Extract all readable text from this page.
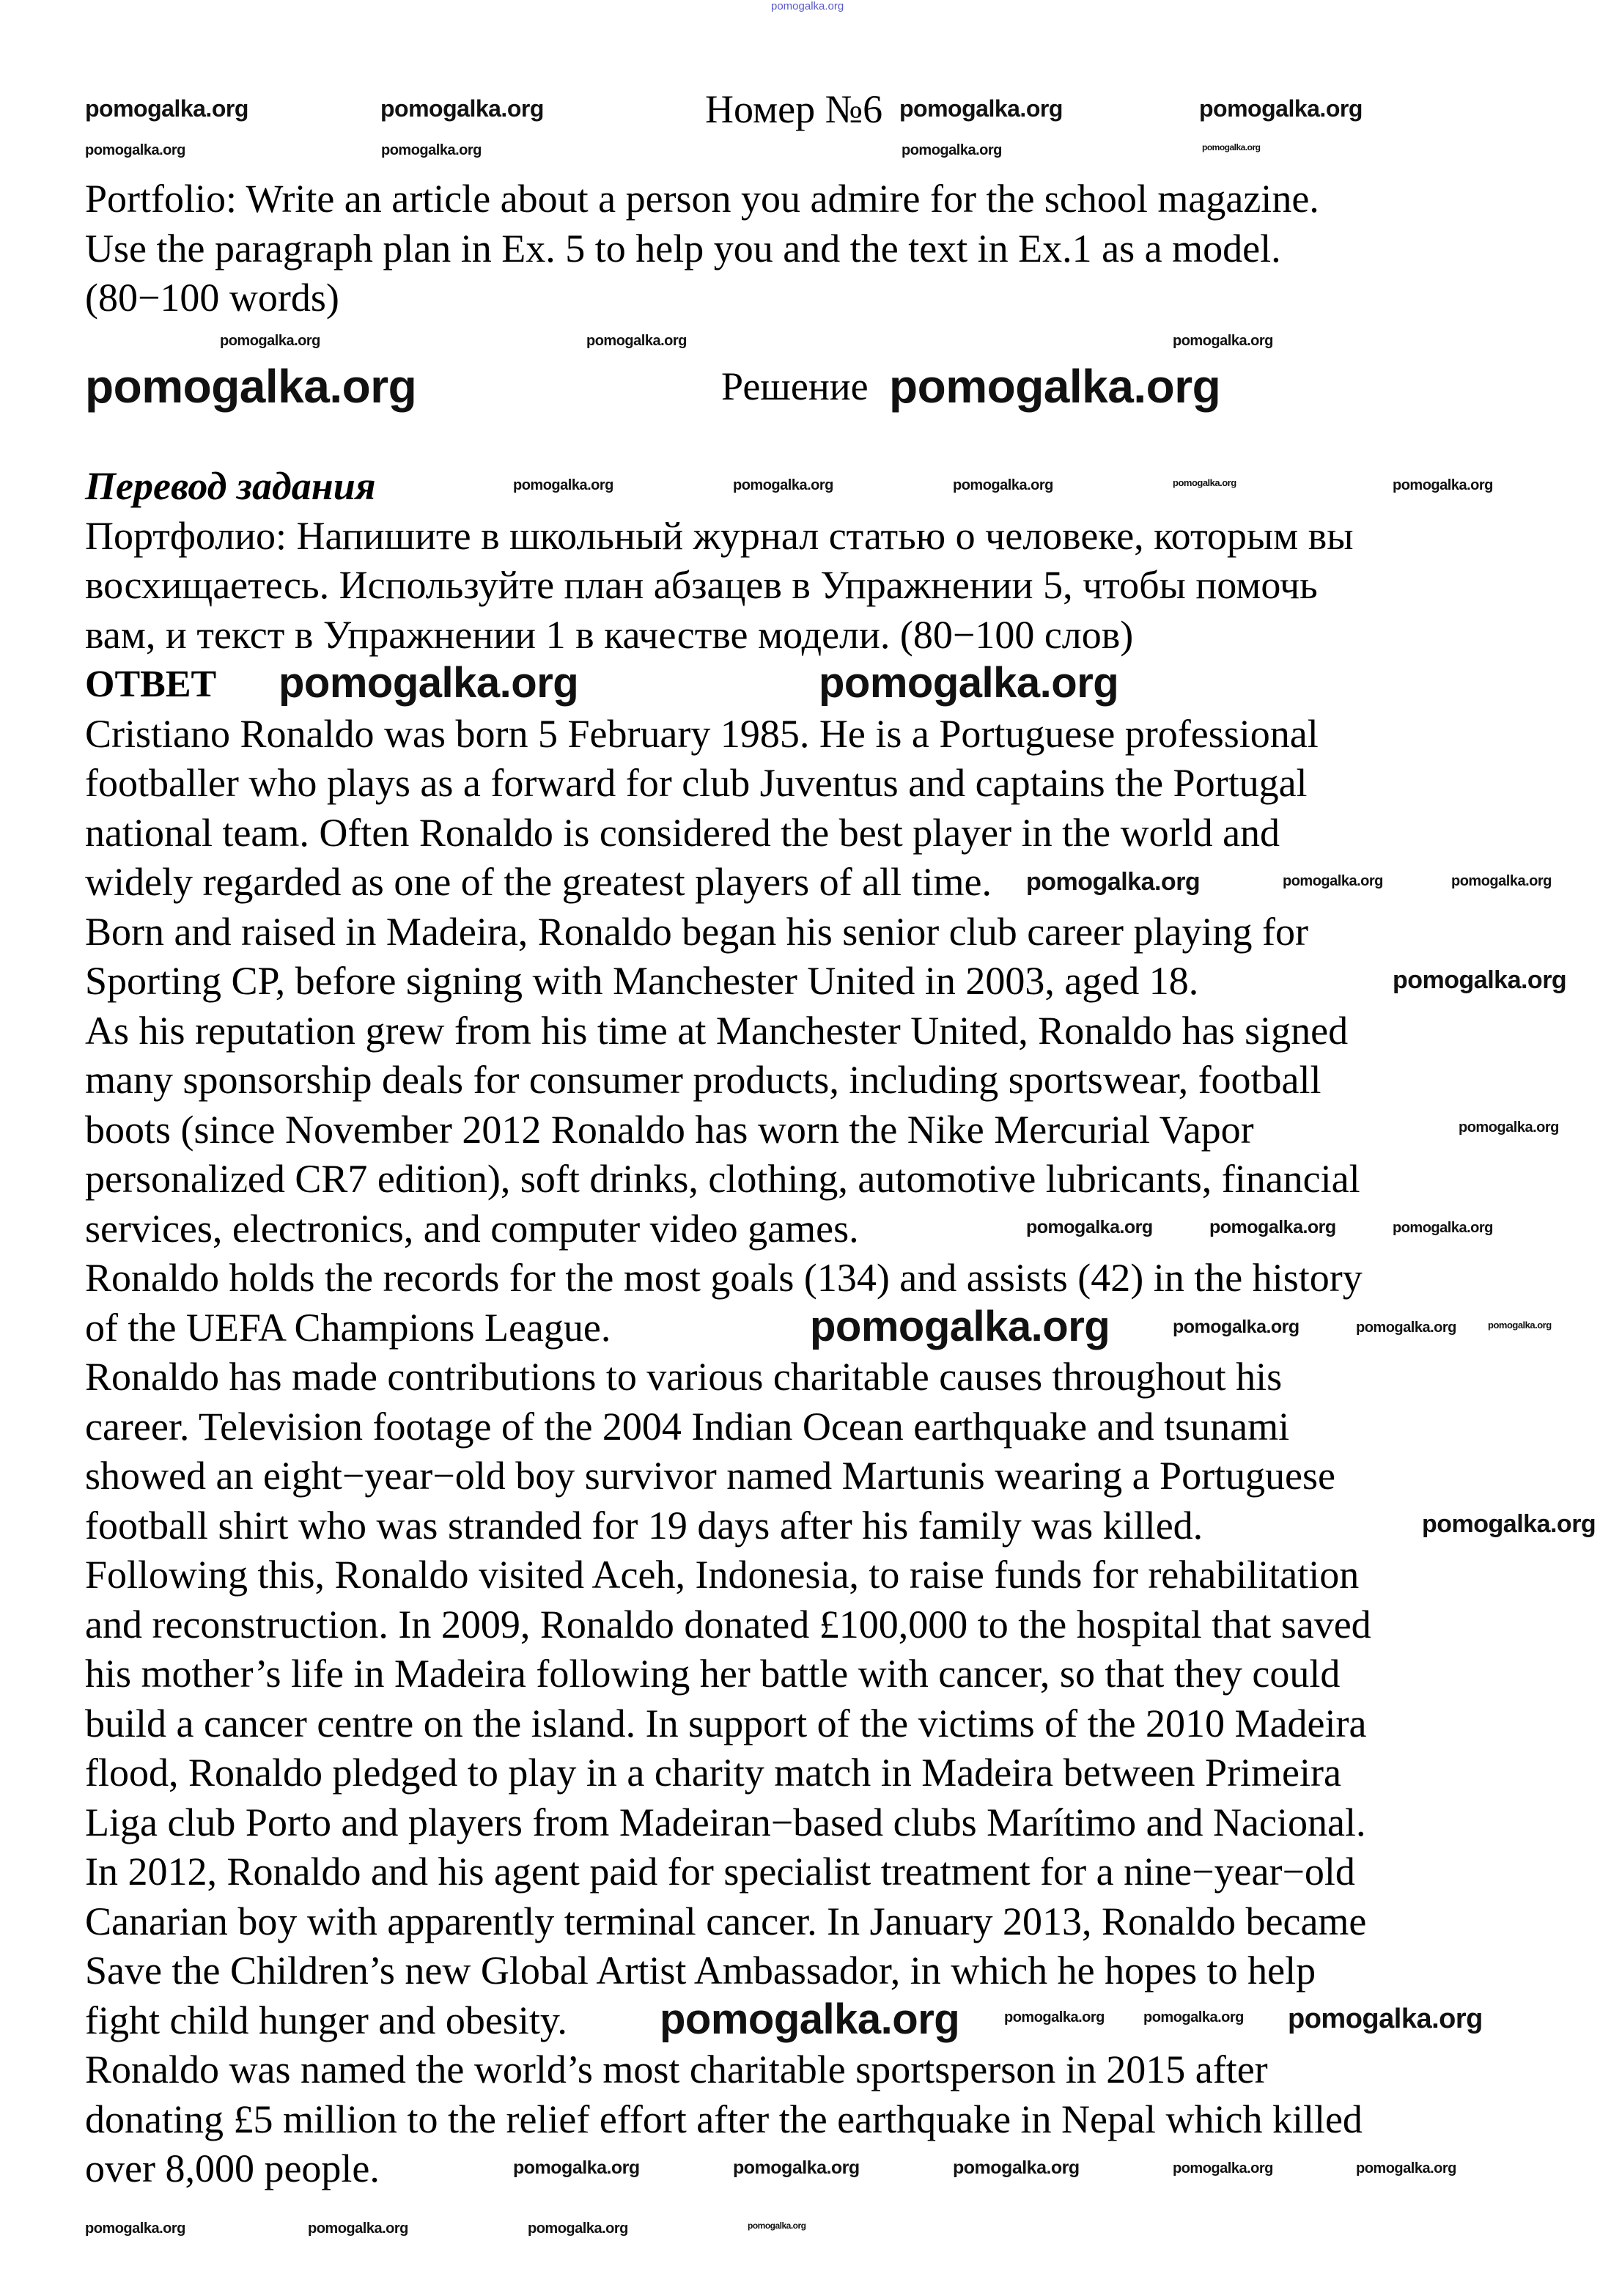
pomogalka.org
pomogalka.org	pomogalka.org	Номер №6 pomogalka.org	pomogalka.org
Portfolio: Write an article about a person you admire for the school magazine.
Use the paragraph plan in Ex. 5 to help you and the text in Ex.1 as a model.
(80−100 words)
pomogalka.org	Решение pomogalka.org
Перевод задания
Портфолио: Напишите в школьный журнал статью о человеке, которым вы
восхищаетесь. Используйте план абзацев в Упражнении 5, чтобы помочь
вам, и текст в Упражнении 1 в качестве модели. (80−100 слов)
ОТВЕТ
Cristiano Ronaldo was born 5 February 1985. He is a Portuguese professional
footballer who plays as a forward for club Juventus and captains the Portugal
national team. Often Ronaldo is considered the best player in the world and
widely regarded as one of the greatest players of all time.
Born and raised in Madeira, Ronaldo began his senior club career playing for
Sporting CP, before signing with Manchester United in 2003, aged 18.
As his reputation grew from his time at Manchester United, Ronaldo has signed
many sponsorship deals for consumer products, including sportswear, football
boots (since November 2012 Ronaldo has worn the Nike Mercurial Vapor
personalized CR7 edition), soft drinks, clothing, automotive lubricants, financial
services, electronics, and computer video games.
Ronaldo holds the records for the most goals (134) and assists (42) in the history
of the UEFA Champions League.
Ronaldo has made contributions to various charitable causes throughout his
career. Television footage of the 2004 Indian Ocean earthquake and tsunami
showed an eight−year−old boy survivor named Martunis wearing a Portuguese
football shirt who was stranded for 19 days after his family was killed.
Following this, Ronaldo visited Aceh, Indonesia, to raise funds for rehabilitation
and reconstruction. In 2009, Ronaldo donated £100,000 to the hospital that saved
his mother’s life in Madeira following her battle with cancer, so that they could
build a cancer centre on the island. In support of the victims of the 2010 Madeira
flood, Ronaldo pledged to play in a charity match in Madeira between Primeira
Liga club Porto and players from Madeiran−based clubs Marítimo and Nacional.
In 2012, Ronaldo and his agent paid for specialist treatment for a nine−year−old
Canarian boy with apparently terminal cancer. In January 2013, Ronaldo became
Save the Children’s new Global Artist Ambassador, in which he hopes to help
fight child hunger and obesity.
Ronaldo was named the world’s most charitable sportsperson in 2015 after
donating £5 million to the relief effort after the earthquake in Nepal which killed
over 8,000 people.
pomogalka.org	pomogalka.org
pomogalka.org
pomogalka.org	pomogalka.org
pomogalka.org
pomogalka.org
pomogalka.org
pomogalka.org	pomogalka.org
pomogalka.org
pomogalka.org	pomogalka.org	pomogalka.org
pomogalka.org	pomogalka.org	pomogalka.org	pomogalka.org
pomogalka.org	pomogalka.org	pomogalka.org
pomogalka.org	pomogalka.org	pomogalka.org	pomogalka.org	pomogalka.org
pomogalka.org	pomogalka.org
pomogalka.org
pomogalka.org
pomogalka.org	pomogalka.org
pomogalka.org	pomogalka.org
pomogalka.org	pomogalka.org
pomogalka.org	pomogalka.org	pomogalka.org	pomogalka.org
